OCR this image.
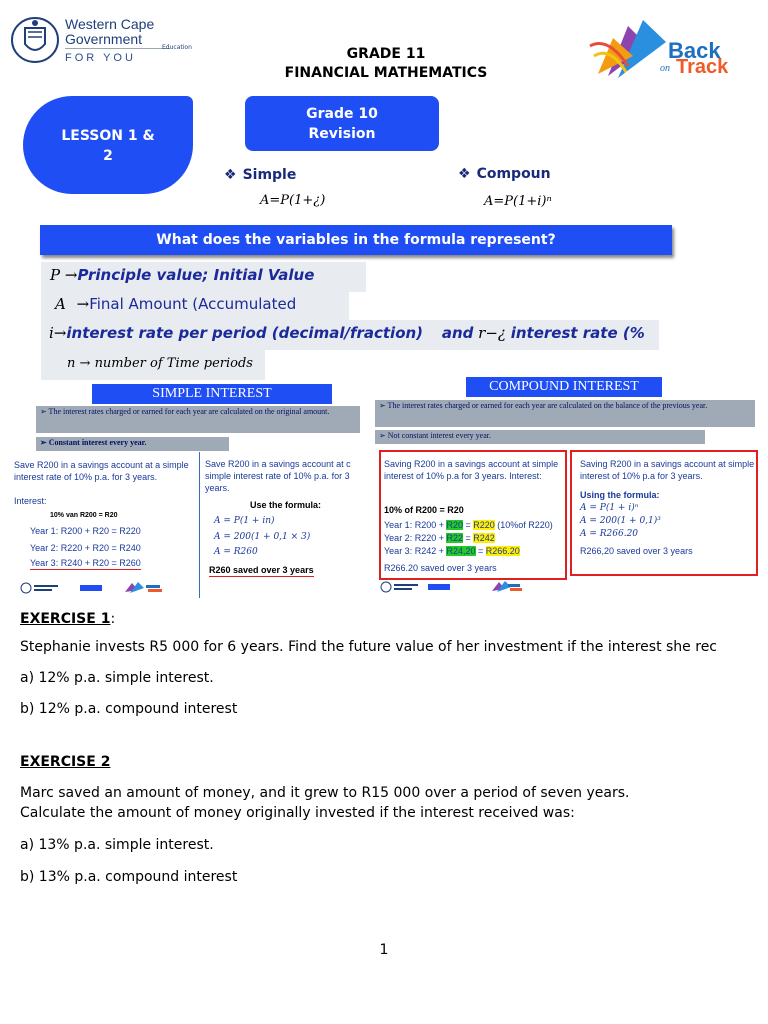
Western Cape
Government
Education
FOR YOU	GRADE 11
FINANCIAL MATHEMATICS
Back
on Track
LESSON 1 &
2
Grade 10
Revision
❖ Simple
A=P(1+¿)
❖ Compoun
A=P(1+i)ⁿ
What does the variables in the formula represent?
P →Principle value; Initial Value
A →Final Amount (Accumulated
i→interest rate per period (decimal/fraction) and r−¿ interest rate (%
n → number of Time periods
SIMPLE INTEREST
➢ The interest rates charged or earned for each year are calculated on the original amount.
➢ Constant interest every year.
Save R200 in a savings account at a simple interest rate of 10% p.a. for 3 years.
Interest:
10% van R200 = R20
Year 1: R200 + R20 = R220
Year 2: R220 + R20 = R240
Year 3: R240 + R20 = R260
Save R200 in a savings account at c simple interest rate of 10% p.a. for 3 years.
Use the formula:
A = P(1 + in)
A = 200(1 + 0,1 × 3)
A = R260
R260 saved over 3 years
COMPOUND INTEREST
➢ The interest rates charged or earned for each year are calculated on the balance of the previous year.
➢ Not constant interest every year.
Saving R200 in a savings account at simple interest of 10% p.a for 3 years. Interest:
10% of R200 = R20
Year 1: R200 + R20 = R220 (10%of R220)
Year 2: R220 + R22 = R242
Year 3: R242 + R24,20 = R266.20
R266.20 saved over 3 years
Saving R200 in a savings account at simple interest of 10% p.a for 3 years.
Using the formula:
A = P(1 + i)ⁿ
A = 200(1 + 0,1)³
A = R266.20
R266,20 saved over 3 years
EXERCISE 1:
Stephanie invests R5 000 for 6 years. Find the future value of her investment if the interest she rec
a) 12% p.a. simple interest.
b) 12% p.a. compound interest
EXERCISE 2
Marc saved an amount of money, and it grew to R15 000 over a period of seven years.
Calculate the amount of money originally invested if the interest received was:
a) 13% p.a. simple interest.
b) 13% p.a. compound interest
1
